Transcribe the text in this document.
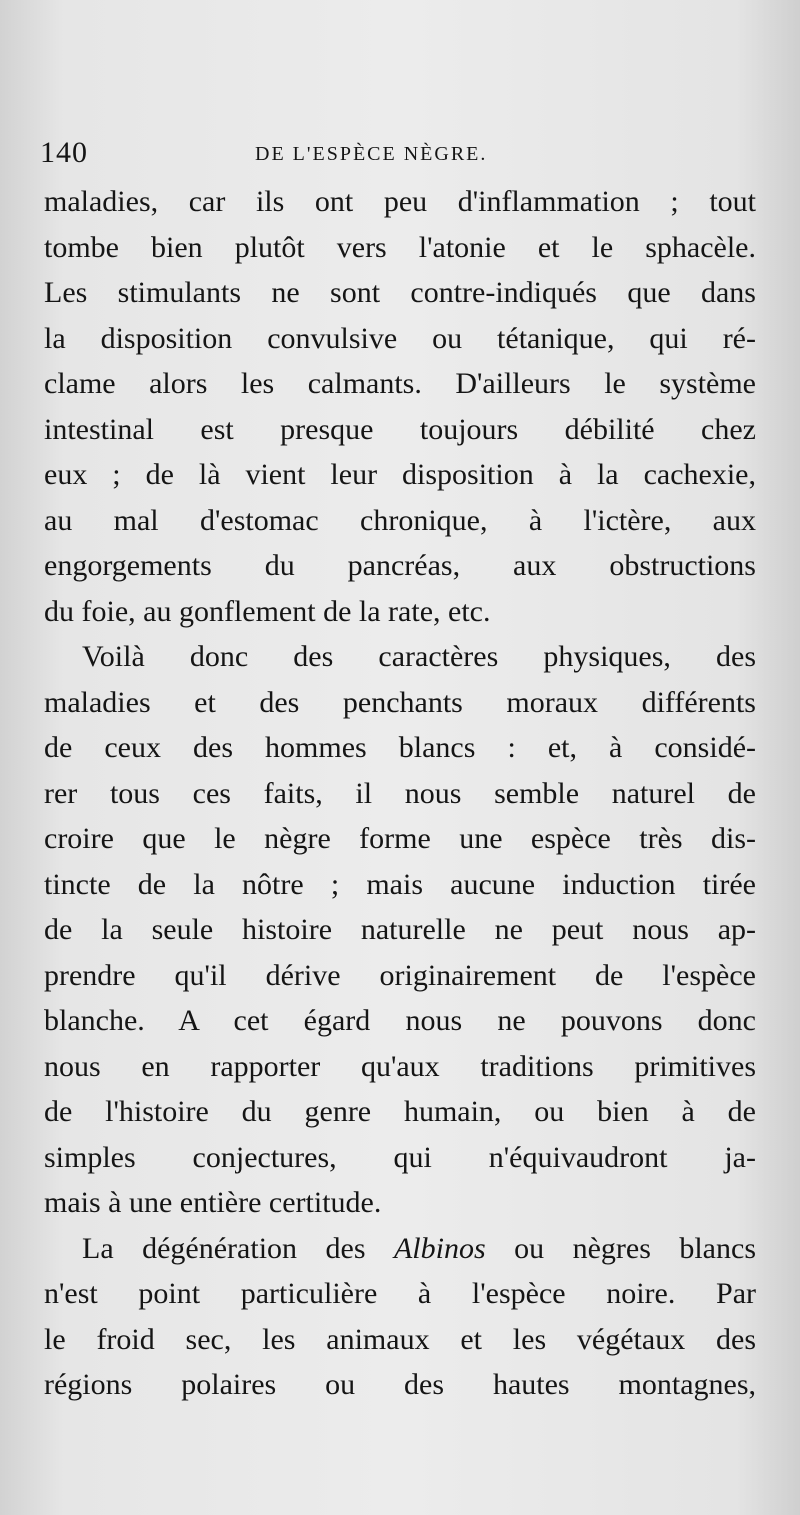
140	DE L'ESPÈCE NÈGRE.
maladies, car ils ont peu d'inflammation ; tout
tombe bien plutôt vers l'atonie et le sphacèle.
Les stimulants ne sont contre-indiqués que dans
la disposition convulsive ou tétanique, qui ré-
clame alors les calmants. D'ailleurs le système
intestinal est presque toujours débilité chez
eux ; de là vient leur disposition à la cachexie,
au mal d'estomac chronique, à l'ictère, aux
engorgements du pancréas, aux obstructions
du foie, au gonflement de la rate, etc.
Voilà donc des caractères physiques, des
maladies et des penchants moraux différents
de ceux des hommes blancs : et, à considé-
rer tous ces faits, il nous semble naturel de
croire que le nègre forme une espèce très dis-
tincte de la nôtre ; mais aucune induction tirée
de la seule histoire naturelle ne peut nous ap-
prendre qu'il dérive originairement de l'espèce
blanche. A cet égard nous ne pouvons donc
nous en rapporter qu'aux traditions primitives
de l'histoire du genre humain, ou bien à de
simples conjectures, qui n'équivaudront ja-
mais à une entière certitude.
La dégénération des Albinos ou nègres blancs
n'est point particulière à l'espèce noire. Par
le froid sec, les animaux et les végétaux des
régions polaires ou des hautes montagnes,
